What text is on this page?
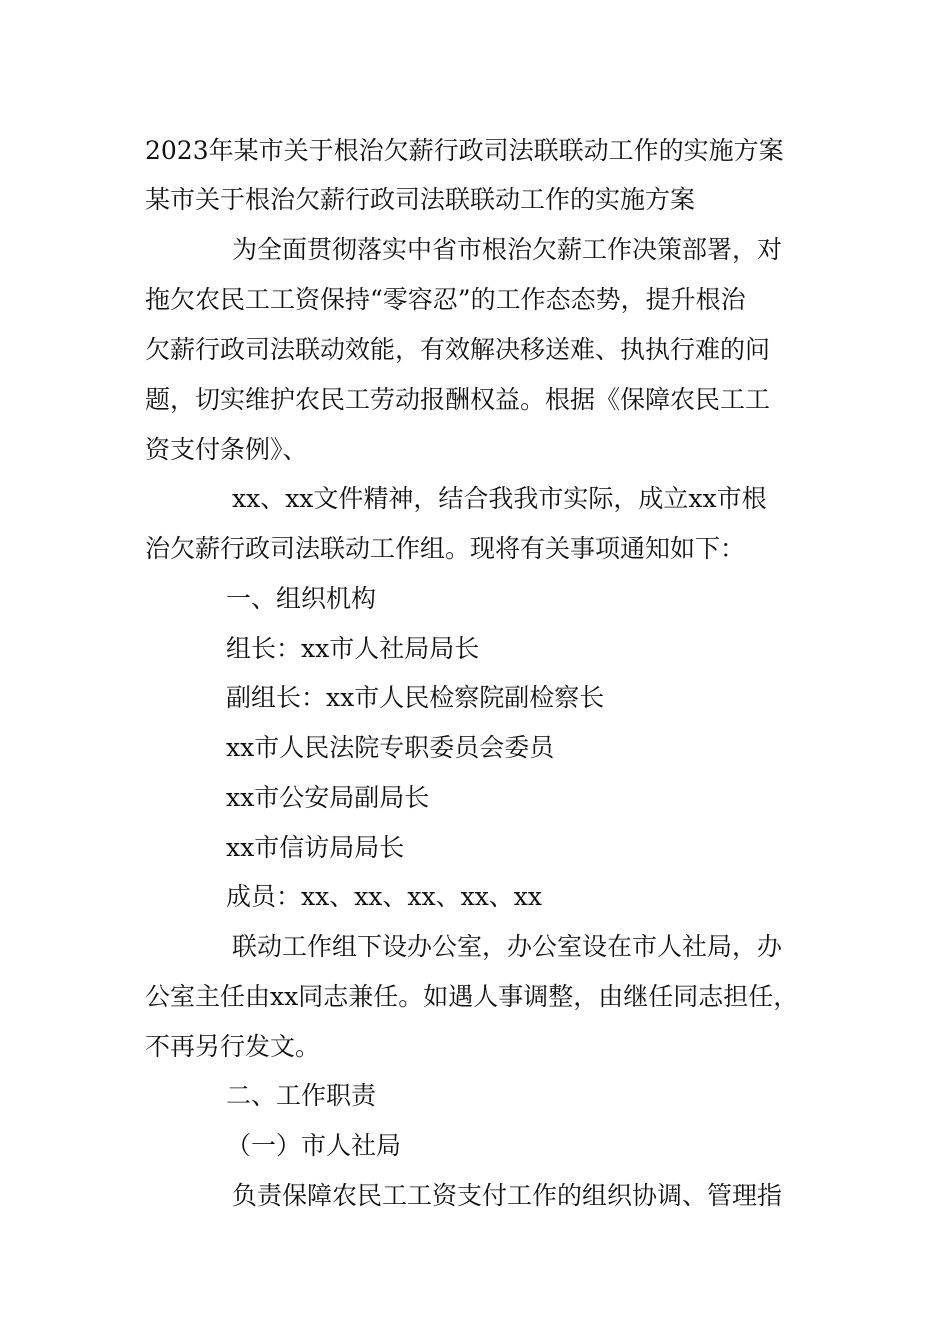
2023年某市关于根治欠薪行政司法联联动工作的实施方案
某市关于根治欠薪行政司法联联动工作的实施方案
为全面贯彻落实中省市根治欠薪工作决策部署，对
拖欠农民工工资保持“零容忍”的工作态态势，提升根治
欠薪行政司法联动效能，有效解决移送难、执执行难的问
题，切实维护农民工劳动报酬权益。根据《保障农民工工
资支付条例》、
xx、xx文件精神，结合我我市实际，成立xx市根
治欠薪行政司法联动工作组。现将有关事项通知如下：
一、组织机构
组长：xx市人社局局长
副组长：xx市人民检察院副检察长
xx市人民法院专职委员会委员
xx市公安局副局长
xx市信访局局长
成员：xx、xx、xx、xx、xx
联动工作组下设办公室，办公室设在市人社局，办
公室主任由xx同志兼任。如遇人事调整，由继任同志担任，
不再另行发文。
二、工作职责
（一）市人社局
负责保障农民工工资支付工作的组织协调、管理指
